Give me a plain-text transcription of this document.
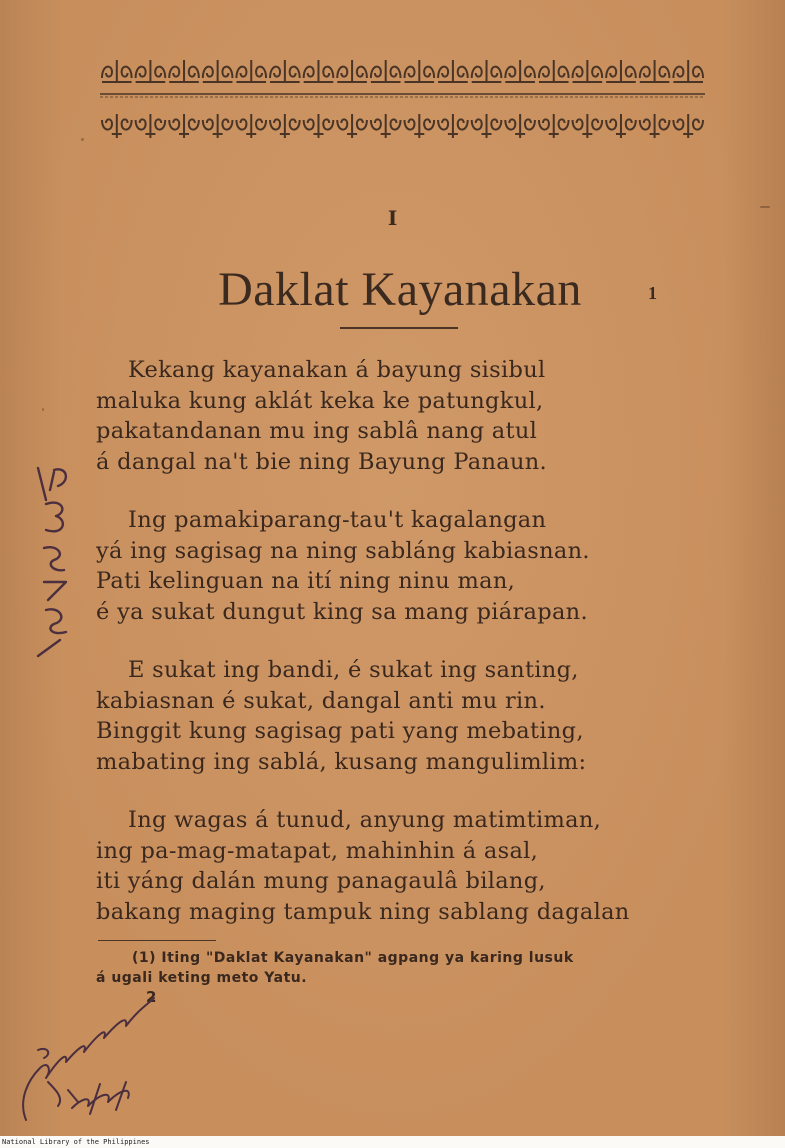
I
Daklat Kayanakan	1
Kekang kayanakan á bayung sisibul
maluka kung aklát keka ke patungkul,
pakatandanan mu ing sablâ nang atul
á dangal na't bie ning Bayung Panaun.
Ing pamakiparang-tau't kagalangan
yá ing sagisag na ning sabláng kabiasnan.
Pati kelinguan na ití ning ninu man,
é ya sukat dungut king sa mang piárapan.
E sukat ing bandi, é sukat ing santing,
kabiasnan é sukat, dangal anti mu rin.
Binggit kung sagisag pati yang mebating,
mabating ing sablá, kusang mangulimlim:
Ing wagas á tunud, anyung matimtiman,
ing pa-mag-matapat, mahinhin á asal,
iti yáng dalán mung panagaulâ bilang,
bakang maging tampuk ning sablang dagalan
(1) Iting "Daklat Kayanakan" agpang ya karing lusuk
á ugali keting meto Yatu.
2
National Library of the Philippines
